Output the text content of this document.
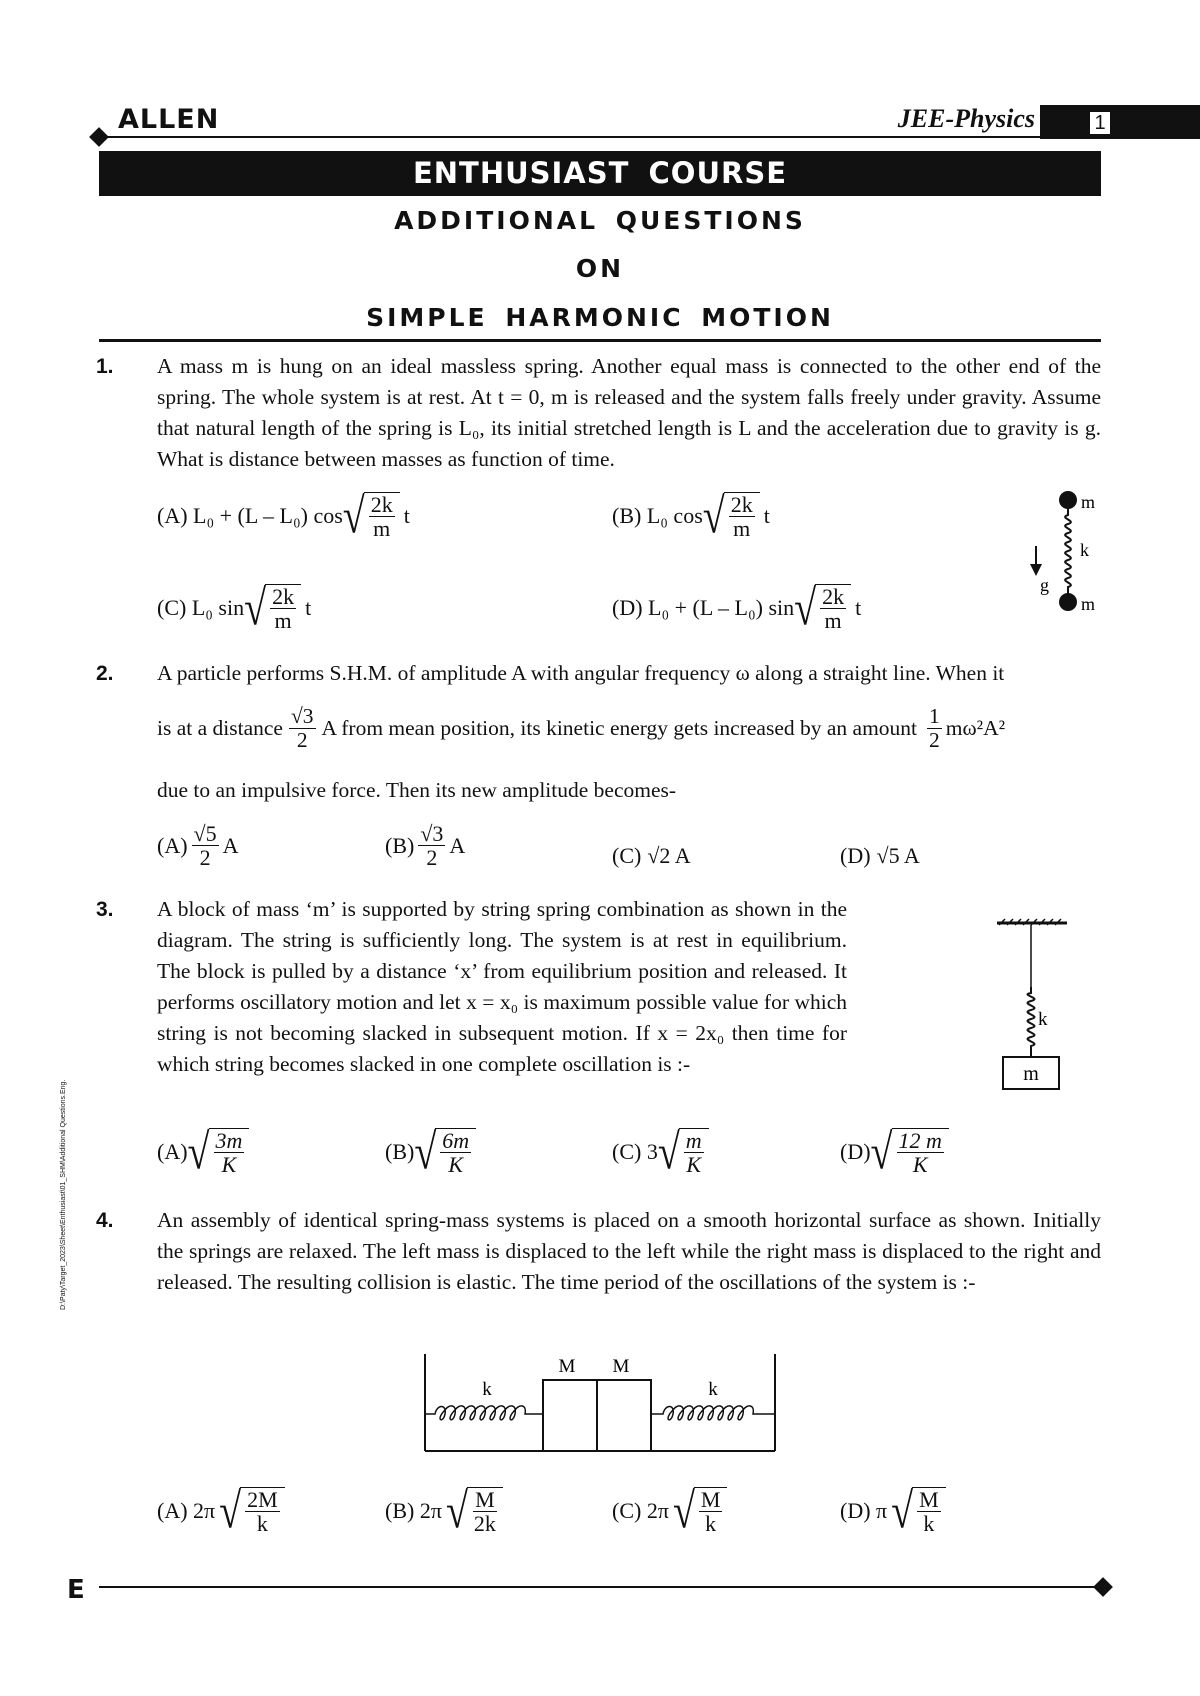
ALLEN	JEE-Physics	1
ENTHUSIAST COURSE
ADDITIONAL QUESTIONS
ON
SIMPLE HARMONIC MOTION
1. A mass m is hung on an ideal massless spring. Another equal mass is connected to the other end of the spring. The whole system is at rest. At t = 0, m is released and the system falls freely under gravity. Assume that natural length of the spring is L₀, its initial stretched length is L and the acceleration due to gravity is g. What is distance between masses as function of time.
(A) L₀ + (L – L₀) cos √ $\frac{2k}{m}$ t	(B) L₀ cos √ $\frac{2k}{m}$ t
(C) L₀ sin √ $\frac{2k}{m}$ t	(D) L₀ + (L – L₀) sin √ $\frac{2k}{m}$ t
m
k
g
m
2. A particle performs S.H.M. of amplitude A with angular frequency ω along a straight line. When it
is at a distance $\frac{√3}{2}$ A from mean position, its kinetic energy gets increased by an amount $\frac{1}{2} m\omega^2A^2$
due to an impulsive force. Then its new amplitude becomes-
$(A) \frac{√5}{2}$ A	$(B) \frac{√3}{2}$ A	(C) √2 A	(D) √5 A
3. A block of mass ‘m’ is supported by string spring combination as shown in the diagram. The string is sufficiently long. The system is at rest in equilibrium. The block is pulled by a distance ‘x’ from equilibrium position and released. It performs oscillatory motion and let x = x₀ is maximum possible value for which string is not becoming slacked in subsequent motion. If x = 2x₀ then time for which string becomes slacked in one complete oscillation is :-
k
m
(A) √ $\frac{3m}{K}$	(B) √ $\frac{6m}{K}$	(C) 3 √ $\frac{m}{K}$	(D) √ $\frac{12 m}{K}$
4. An assembly of identical spring-mass systems is placed on a smooth horizontal surface as shown. Initially the springs are relaxed. The left mass is displaced to the left while the right mass is displaced to the right and released. The resulting collision is elastic. The time period of the oscillations of the system is :-
M M
k	k
(A) 2π √ $\frac{2M}{k}$	(B) 2π √ $\frac{M}{2k}$	(C) 2π √ $\frac{M}{k}$	(D) π √ $\frac{M}{k}$
D:\Paty\Target_2023\Sheet\Enthusiast\01_SHM\Additional Questions.Eng.
E
